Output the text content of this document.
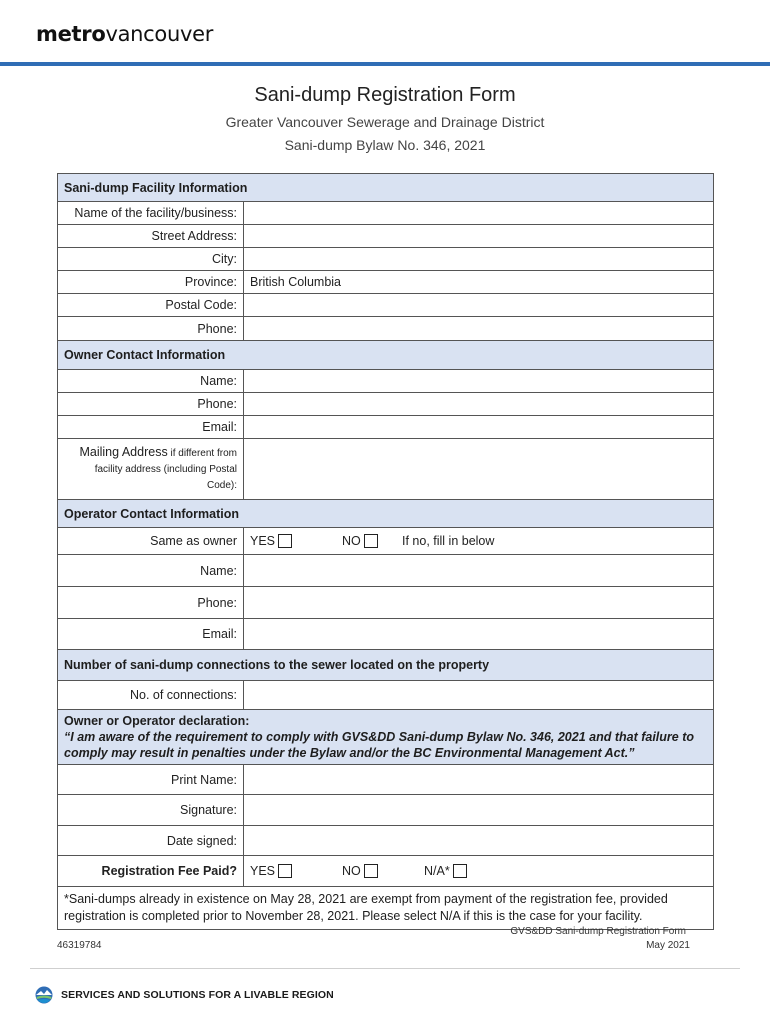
metrovancouver
Sani-dump Registration Form
Greater Vancouver Sewerage and Drainage District
Sani-dump Bylaw No. 346, 2021
Sani-dump Facility Information	
Name of the facility/business:	
Street Address:	
City:	
Province:	British Columbia
Postal Code:	
Phone:	
Owner Contact Information	
Name:	
Phone:	
Email:	
Mailing Address if different from facility address (including Postal Code):	
Operator Contact Information	
Same as owner	YES NO If no, fill in below
Name:	
Phone:	
Email:	
Number of sani-dump connections to the sewer located on the property	
No. of connections:	

Owner or Operator declaration:
“I am aware of the requirement to comply with GVS&DD Sani-dump Bylaw No. 346, 2021 and that failure to comply may result in penalties under the Bylaw and/or the BC Environmental Management Act.”	

Print Name:	
Signature:	
Date signed:	
Registration Fee Paid?	YES NO N/A*
*Sani-dumps already in existence on May 28, 2021 are exempt from payment of the registration fee, provided registration is completed prior to November 28, 2021. Please select N/A if this is the case for your facility.	
46319784
GVS&DD Sani-dump Registration Form
May 2021
SERVICES AND SOLUTIONS FOR A LIVABLE REGION
